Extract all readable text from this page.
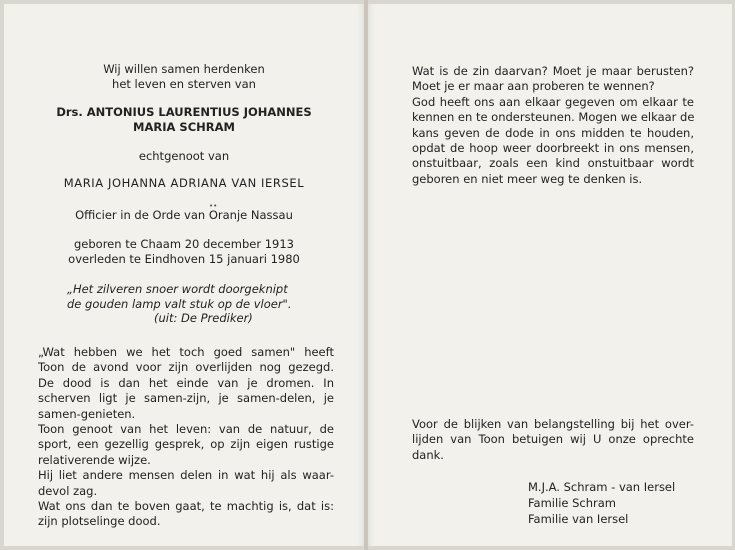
Wij willen samen herdenken
het leven en sterven van
Drs. ANTONIUS LAURENTIUS JOHANNES
MARIA SCHRAM
echtgenoot van
MARIA JOHANNA ADRIANA VAN IERSEL
••
Officier in de Orde van Oranje Nassau
geboren te Chaam 20 december 1913
overleden te Eindhoven 15 januari 1980
„Het zilveren snoer wordt doorgeknipt
de gouden lamp valt stuk op de vloer".
(uit: De Prediker)
„Wat hebben we het toch goed samen" heeft
Toon de avond voor zijn overlijden nog gezegd.
De dood is dan het einde van je dromen. In
scherven ligt je samen-zijn, je samen-delen, je
samen-genieten.
Toon genoot van het leven: van de natuur, de
sport, een gezellig gesprek, op zijn eigen rustige
relativerende wijze.
Hij liet andere mensen delen in wat hij als waar-
devol zag.
Wat ons dan te boven gaat, te machtig is, dat is:
zijn plotselinge dood.
Wat is de zin daarvan? Moet je maar berusten?
Moet je er maar aan proberen te wennen?
God heeft ons aan elkaar gegeven om elkaar te
kennen en te ondersteunen. Mogen we elkaar de
kans geven de dode in ons midden te houden,
opdat de hoop weer doorbreekt in ons mensen,
onstuitbaar, zoals een kind onstuitbaar wordt
geboren en niet meer weg te denken is.
Voor de blijken van belangstelling bij het over-
lijden van Toon betuigen wij U onze oprechte
dank.
M.J.A. Schram - van Iersel
Familie Schram
Familie van Iersel
